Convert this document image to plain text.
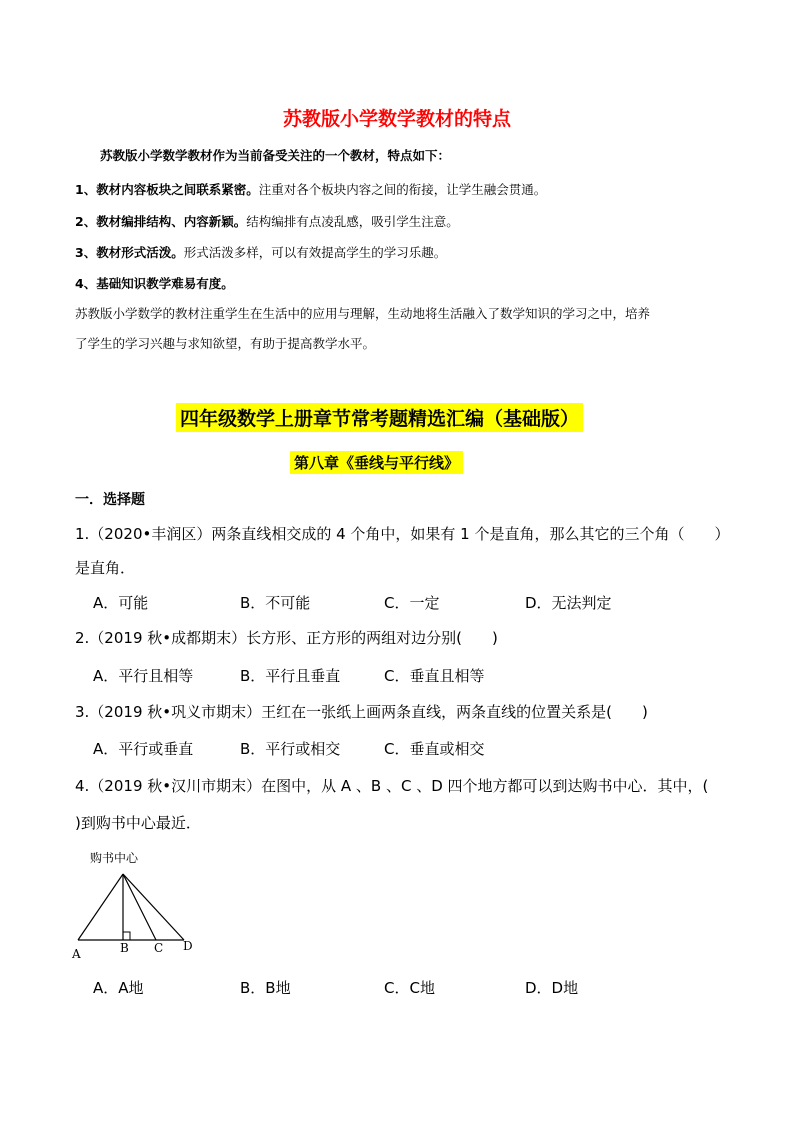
苏教版小学数学教材的特点
苏教版小学数学教材作为当前备受关注的一个教材，特点如下：
1、教材内容板块之间联系紧密。注重对各个板块内容之间的衔接，让学生融会贯通。
2、教材编排结构、内容新颖。结构编排有点凌乱感，吸引学生注意。
3、教材形式活泼。形式活泼多样，可以有效提高学生的学习乐趣。
4、基础知识教学难易有度。
苏教版小学数学的教材注重学生在生活中的应用与理解，生动地将生活融入了数学知识的学习之中，培养
了学生的学习兴趣与求知欲望，有助于提高教学水平。
四年级数学上册章节常考题精选汇编（基础版）
第八章《垂线与平行线》
一．选择题
1.（2020•丰润区）两条直线相交成的 4 个角中，如果有 1 个是直角，那么其它的三个角（　　）
是直角．
A．可能	B．不可能	C．一定	D．无法判定
2.（2019 秋•成都期末）长方形、正方形的两组对边分别(　　)
A．平行且相等	B．平行且垂直	C．垂直且相等
3.（2019 秋•巩义市期末）王红在一张纸上画两条直线，两条直线的位置关系是(　　)
A．平行或垂直	B．平行或相交	C．垂直或相交
4.（2019 秋•汉川市期末）在图中，从 A 、B 、C 、D 四个地方都可以到达购书中心．其中，(
)到购书中心最近．
购书中心
A	B C D
A．A地	B．B地	C．C地	D．D地
